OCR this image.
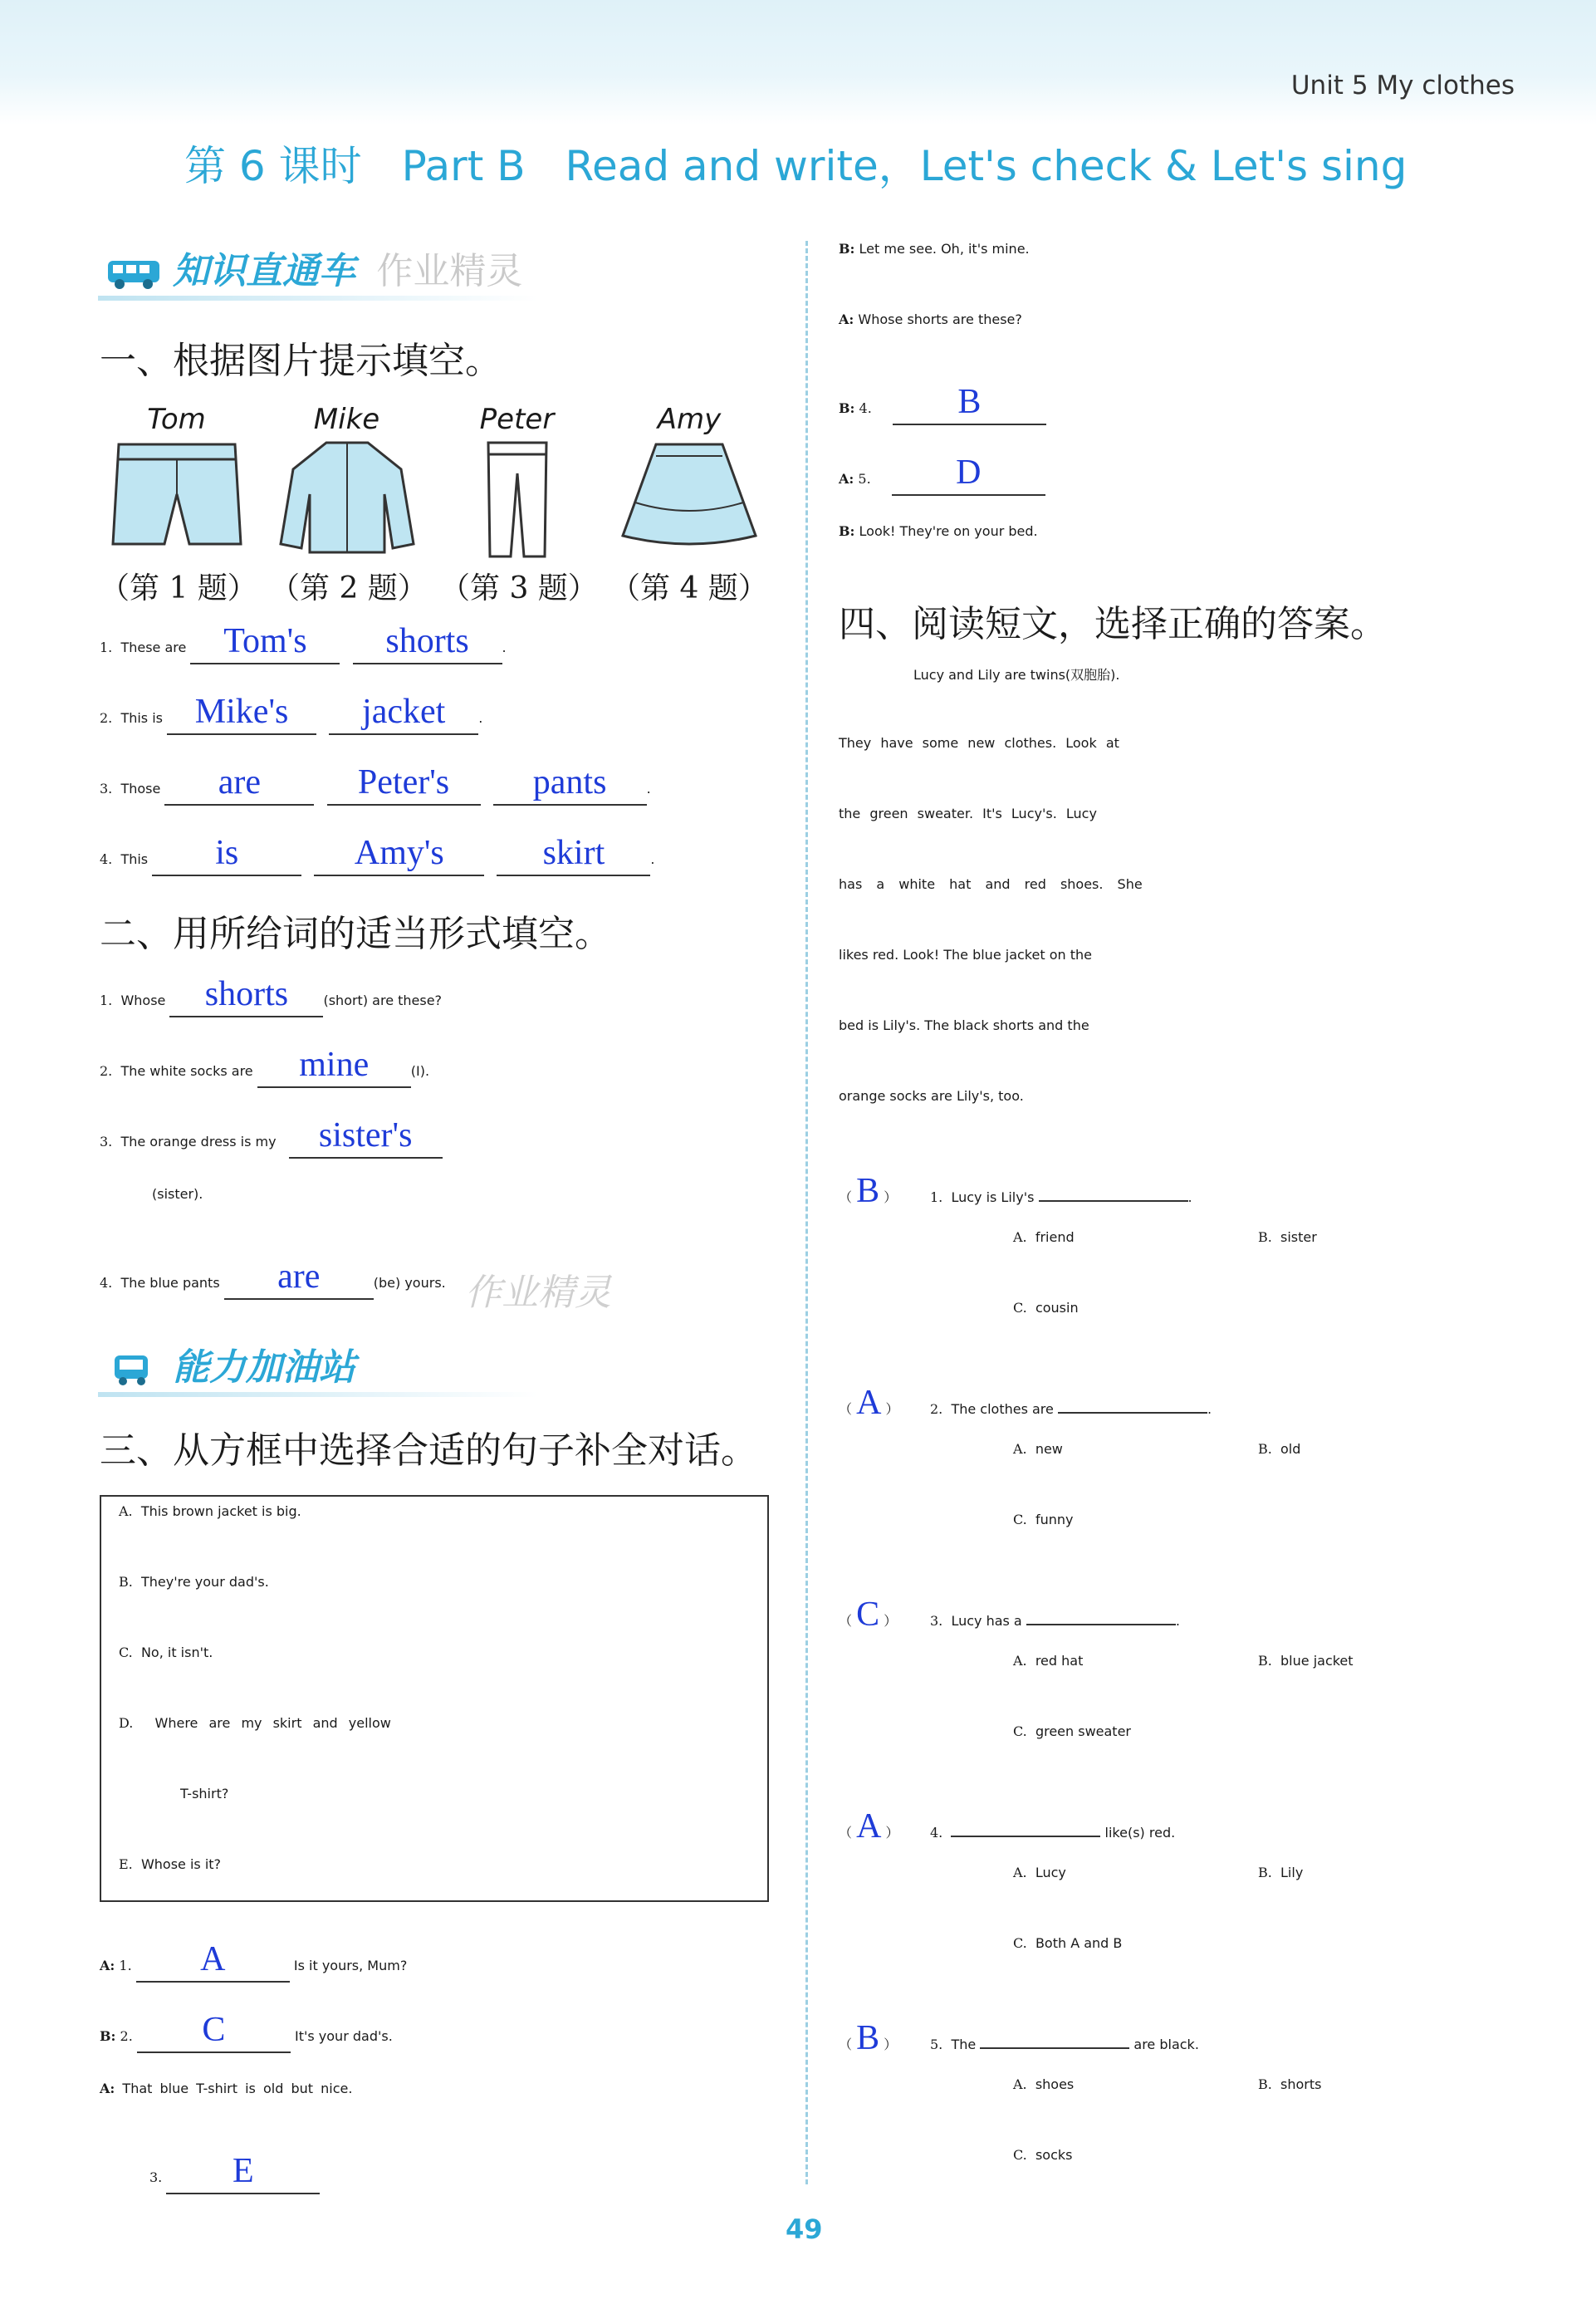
Unit 5 My clothes
第 6 课时 Part B Read and write，Let's check & Let's sing
知识直通车 作业精灵
一、根据图片提示填空。
Tom	Mike	Peter	Amy
（第 1 题） （第 2 题） （第 3 题） （第 4 题）
1. These are Tom's shorts .
2. This is Mike's jacket .
3. Those are	Peter's pants	.
4. This is	Amy's	skirt	.
二、用所给词的适当形式填空。
1. Whose shorts	(short) are these?
2. The white socks are mine	(I).
3. The orange dress is my sister's
(sister).
4. The blue pants are	(be) yours. 作业精灵
能力加油站
三、从方框中选择合适的句子补全对话。
A. This brown jacket is big.
B. They're your dad's.
C. No, it isn't.
D. Where are my skirt and yellow
T-shirt?
E. Whose is it?
A: 1. A	Is it yours, Mum?
B: 2. C	It's your dad's.
A: That blue T-shirt is old but nice.
3. E
B: Let me see. Oh, it's mine.
A: Whose shorts are these?
B: 4. B
A: 5. D
B: Look! They're on your bed.
四、阅读短文，选择正确的答案。
Lucy and Lily are twins(双胞胎).
They have some new clothes. Look at
the green sweater. It's Lucy's. Lucy
has a white hat and red shoes. She
likes red. Look! The blue jacket on the
bed is Lily's. The black shorts and the
orange socks are Lily's, too.
（ B ） 1. Lucy is Lily's	.
A. friend	B. sister
C. cousin
（ A ） 2. The clothes are	.
A. new	B. old
C. funny
（ C ） 3. Lucy has a	.
A. red hat	B. blue jacket
C. green sweater
（ A ） 4.	like(s) red.
A. Lucy	B. Lily
C. Both A and B
（ B ） 5. The	are black.
A. shoes	B. shorts
C. socks
49
